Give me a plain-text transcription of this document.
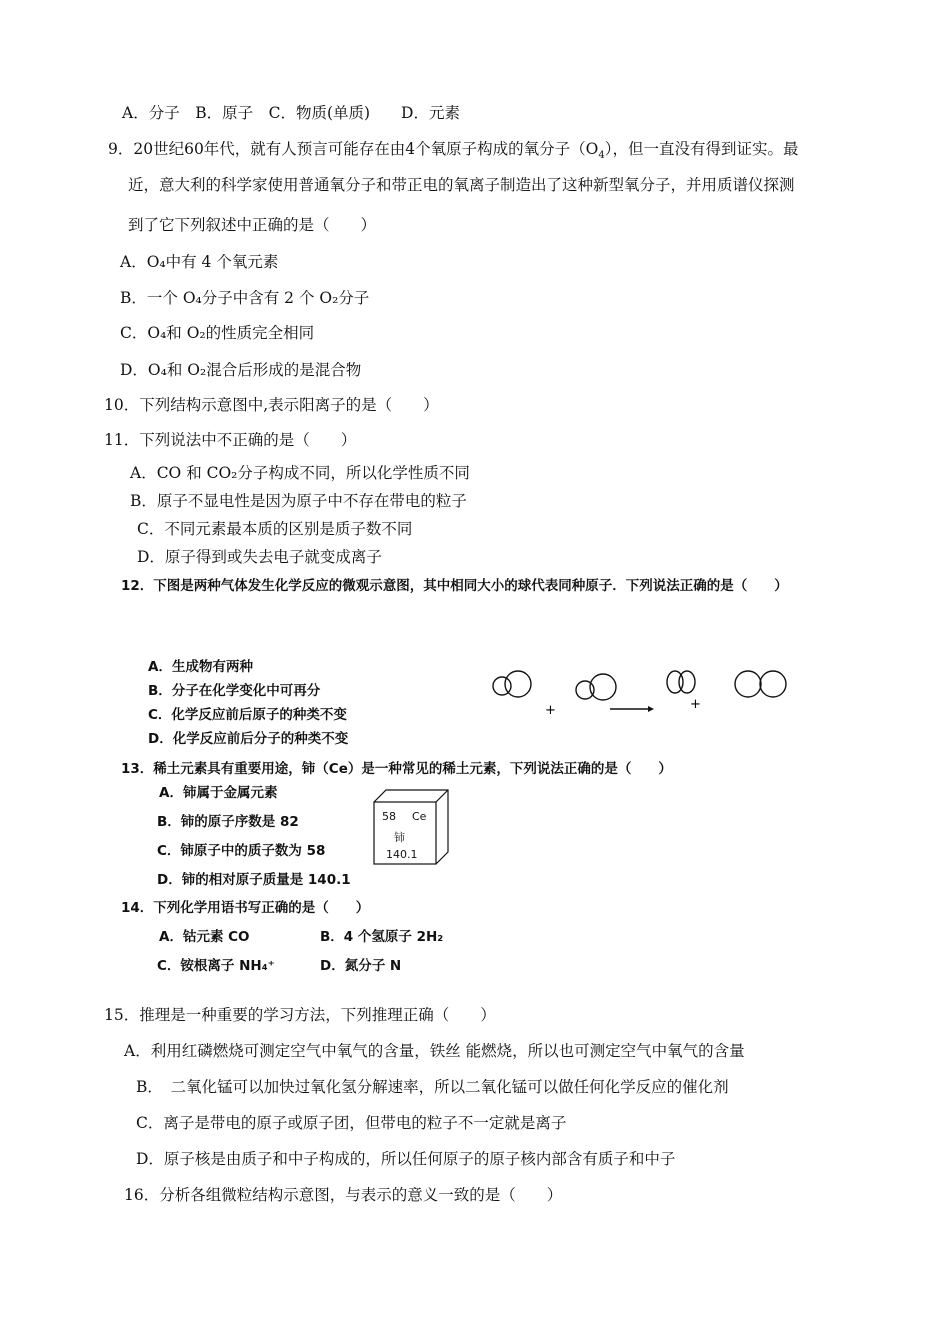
A．分子　B．原子　C．物质(单质)　　D．元素
9．20世纪60年代，就有人预言可能存在由4个氧原子构成的氧分子$(O_4)$，但一直没有得到证实。最
近，意大利的科学家使用普通氧分子和带正电的氧离子制造出了这种新型氧分子，并用质谱仪探测
到了它下列叙述中正确的是（　　）
A．O₄中有 4 个氧元素
B．一个 O₄分子中含有 2 个 O₂分子
C．O₄和 O₂的性质完全相同
D．O₄和 O₂混合后形成的是混合物
10．下列结构示意图中,表示阳离子的是（　　）
11．下列说法中不正确的是（　　）
A．CO 和 CO₂分子构成不同，所以化学性质不同
B．原子不显电性是因为原子中不存在带电的粒子
C．不同元素最本质的区别是质子数不同
D．原子得到或失去电子就变成离子
12．下图是两种气体发生化学反应的微观示意图，其中相同大小的球代表同种原子．下列说法正确的是（　　）
A．生成物有两种
B．分子在化学变化中可再分
C．化学反应前后原子的种类不变
D．化学反应前后分子的种类不变
+	+
13．稀土元素具有重要用途，铈（Ce）是一种常见的稀土元素，下列说法正确的是（　　）
A．铈属于金属元素
B．铈的原子序数是 82
C．铈原子中的质子数为 58
D．铈的相对原子质量是 140.1
58 Ce
铈
140.1
14．下列化学用语书写正确的是（　　）
A．钴元素 CO	B．4 个氢原子 2H₂
C．铵根离子 NH₄⁺	D．氮分子 N
15．推理是一种重要的学习方法，下列推理正确（　　）
A．利用红磷燃烧可测定空气中氧气的含量，铁丝 能燃烧，所以也可测定空气中氧气的含量
B．　二氧化锰可以加快过氧化氢分解速率，所以二氧化锰可以做任何化学反应的催化剂
C．离子是带电的原子或原子团，但带电的粒子不一定就是离子
D．原子核是由质子和中子构成的，所以任何原子的原子核内部含有质子和中子
16．分析各组微粒结构示意图，与表示的意义一致的是（　　）
